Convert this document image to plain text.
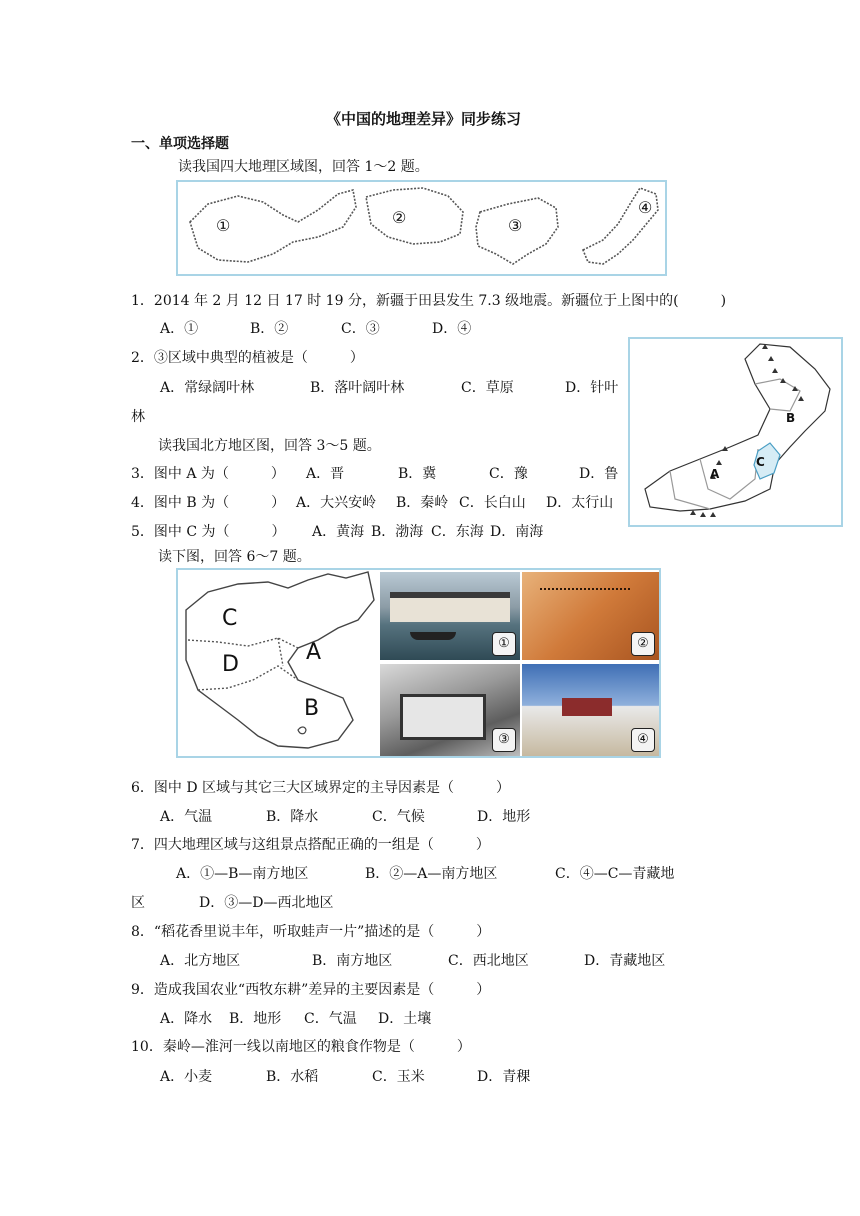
《中国的地理差异》同步练习
一、单项选择题
读我国四大地理区域图，回答 1～2 题。
①	②	③
④
1．2014 年 2 月 12 日 17 时 19 分，新疆于田县发生 7.3 级地震。新疆位于上图中的(　　　)
A．①	B．②	C．③	D．④
2．③区域中典型的植被是（　　　）
A．常绿阔叶林	B．落叶阔叶林	C．草原	D．针叶
林
A
B
C
读我国北方地区图，回答 3～5 题。
3．图中 A 为（　　　） A．晋	B．冀	C．豫	D．鲁
4．图中 B 为（　　　） A．大兴安岭 B．秦岭 C．长白山 D．太行山
5．图中 C 为（　　　） A．黄海 B．渤海 C．东海 D．南海
读下图，回答 6～7 题。
C
D	A
B
①	②
③	④
6．图中 D 区域与其它三大区域界定的主导因素是（　　　）
A．气温	B．降水	C．气候	D．地形
7．四大地理区域与这组景点搭配正确的一组是（　　　）
A．①—B—南方地区	B．②—A—南方地区	C．④—C—青藏地
区	D．③—D—西北地区
8．“稻花香里说丰年，听取蛙声一片”描述的是（　　　）
A．北方地区	B．南方地区	C．西北地区	D．青藏地区
9．造成我国农业“西牧东耕”差异的主要因素是（　　　）
A．降水 B．地形 C．气温 D．土壤
10．秦岭—淮河一线以南地区的粮食作物是（　　　）
A．小麦	B．水稻	C．玉米	D．青稞
